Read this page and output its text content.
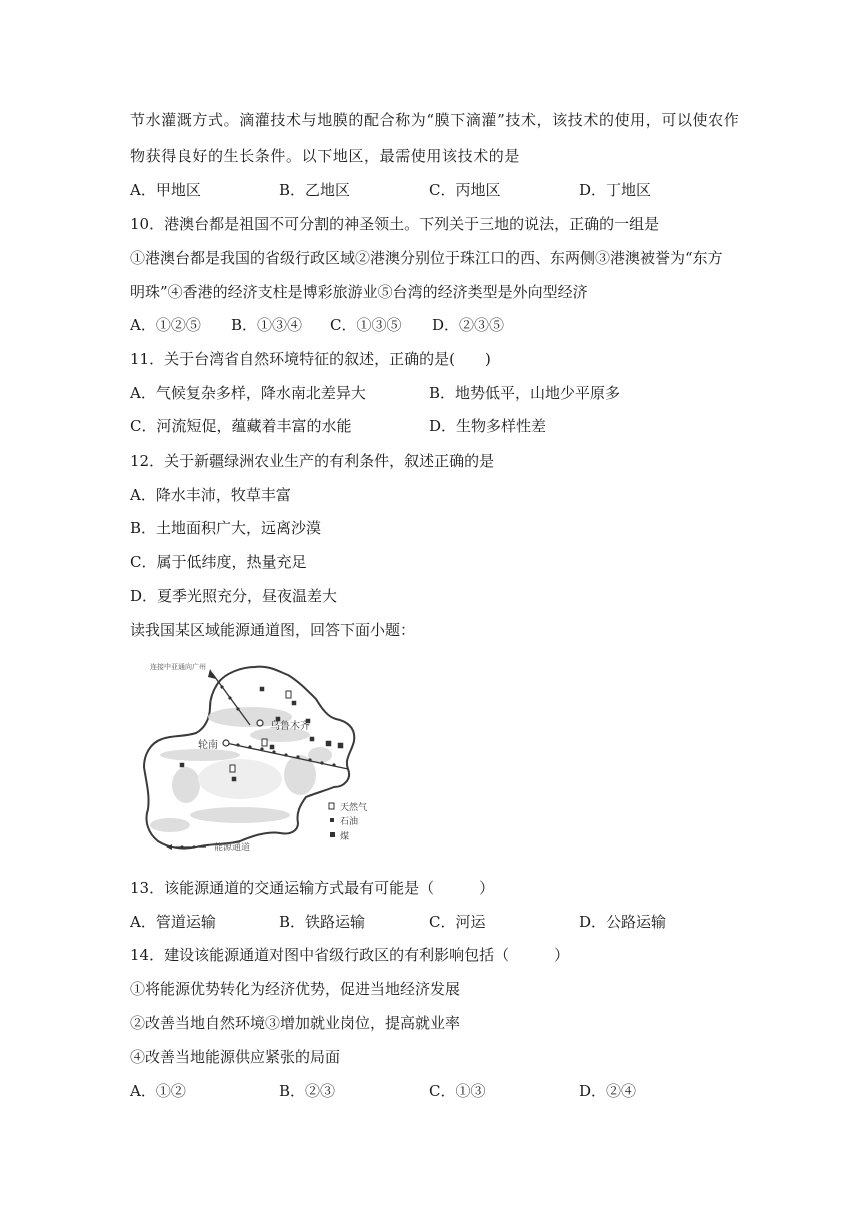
节水灌溉方式。滴灌技术与地膜的配合称为“膜下滴灌”技术，该技术的使用，可以使农作
物获得良好的生长条件。以下地区，最需使用该技术的是
A．甲地区	B．乙地区	C．丙地区	D．丁地区
10．港澳台都是祖国不可分割的神圣领土。下列关于三地的说法，正确的一组是
①港澳台都是我国的省级行政区域②港澳分别位于珠江口的西、东两侧③港澳被誉为“东方
明珠”④香港的经济支柱是博彩旅游业⑤台湾的经济类型是外向型经济
A．①②⑤ B．①③④ C．①③⑤ D．②③⑤
11．关于台湾省自然环境特征的叙述，正确的是(　　)
A．气候复杂多样，降水南北差异大	B．地势低平，山地少平原多
C．河流短促，蕴藏着丰富的水能	D．生物多样性差
12．关于新疆绿洲农业生产的有利条件，叙述正确的是
A．降水丰沛，牧草丰富
B．土地面积广大，远离沙漠
C．属于低纬度，热量充足
D．夏季光照充分，昼夜温差大
读我国某区域能源通道图，回答下面小题：
连接中亚通向广州
乌鲁木齐
轮南
天然气
石油
煤
能源通道
13．该能源通道的交通运输方式最有可能是（　　　）
A．管道运输	B．铁路运输	C．河运	D．公路运输
14．建设该能源通道对图中省级行政区的有利影响包括（　　　）
①将能源优势转化为经济优势，促进当地经济发展
②改善当地自然环境③增加就业岗位，提高就业率
④改善当地能源供应紧张的局面
A．①②	B．②③	C．①③	D．②④
